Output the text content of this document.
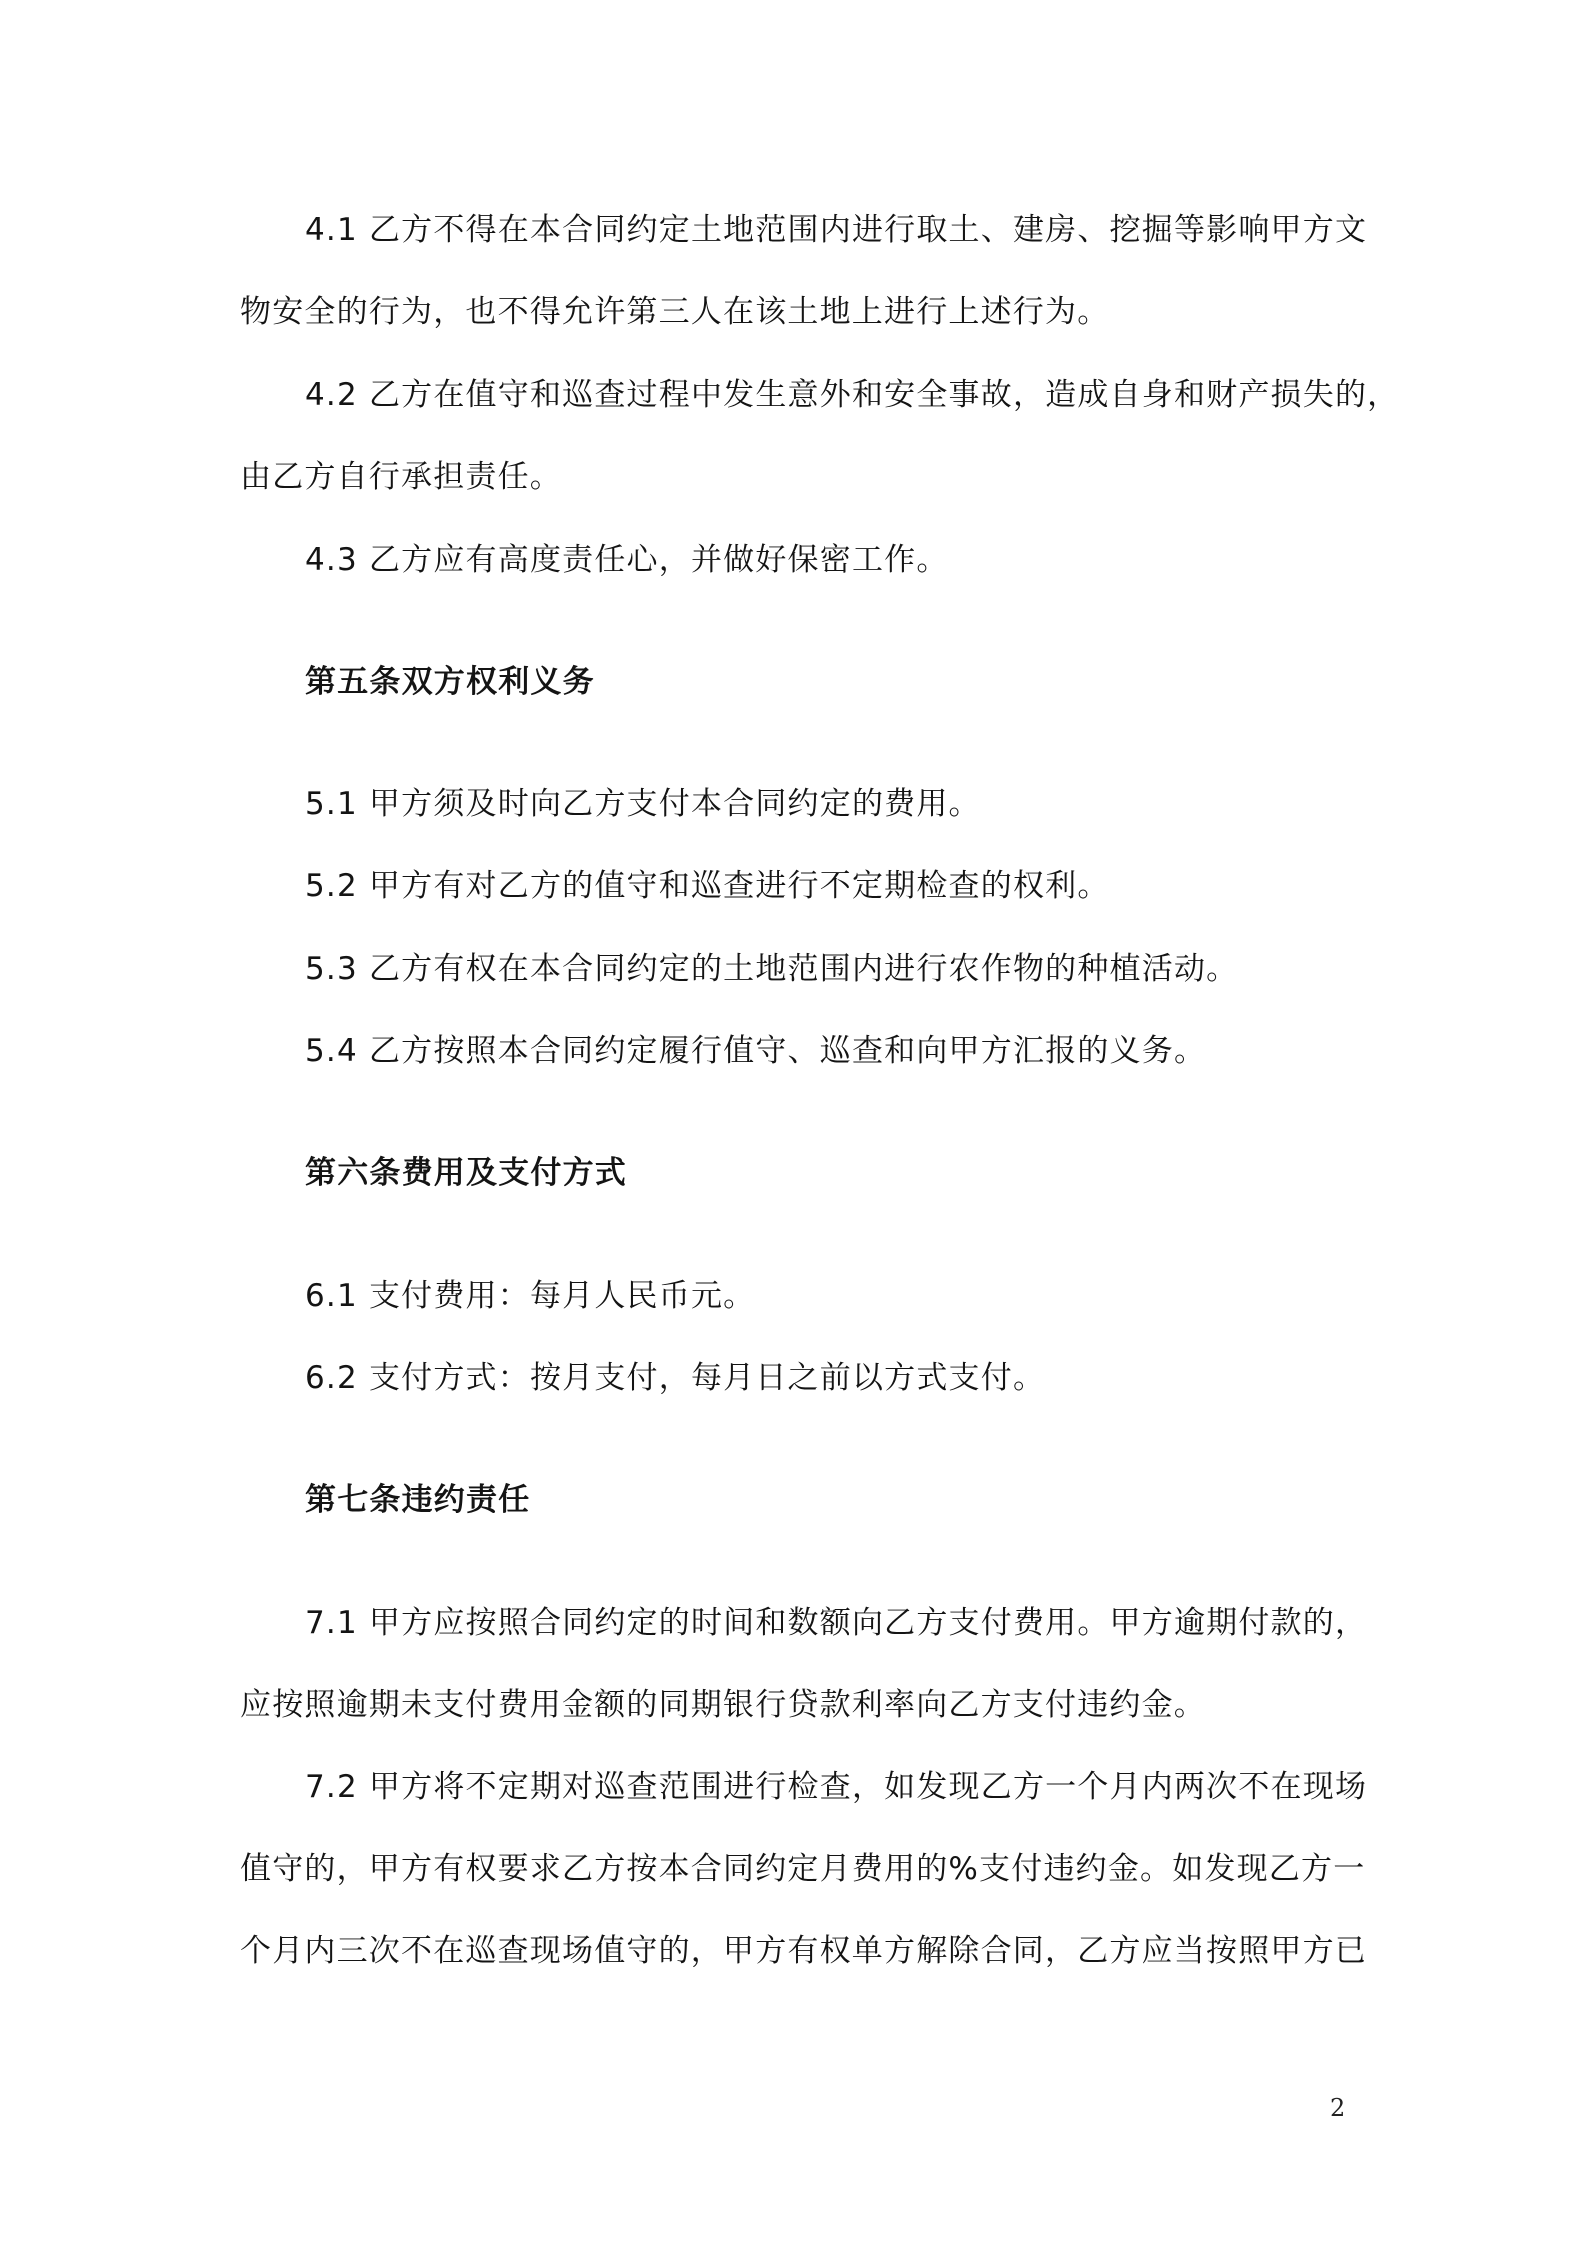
4.1 乙方不得在本合同约定土地范围内进行取土、建房、挖掘等影响甲方文
物安全的行为，也不得允许第三人在该土地上进行上述行为。
4.2 乙方在值守和巡查过程中发生意外和安全事故，造成自身和财产损失的，
由乙方自行承担责任。
4.3 乙方应有高度责任心，并做好保密工作。
第五条双方权利义务
5.1 甲方须及时向乙方支付本合同约定的费用。
5.2 甲方有对乙方的值守和巡查进行不定期检查的权利。
5.3 乙方有权在本合同约定的土地范围内进行农作物的种植活动。
5.4 乙方按照本合同约定履行值守、巡查和向甲方汇报的义务。
第六条费用及支付方式
6.1 支付费用：每月人民币元。
6.2 支付方式：按月支付，每月日之前以方式支付。
第七条违约责任
7.1 甲方应按照合同约定的时间和数额向乙方支付费用。甲方逾期付款的，
应按照逾期未支付费用金额的同期银行贷款利率向乙方支付违约金。
7.2 甲方将不定期对巡查范围进行检查，如发现乙方一个月内两次不在现场
值守的，甲方有权要求乙方按本合同约定月费用的%支付违约金。如发现乙方一
个月内三次不在巡查现场值守的，甲方有权单方解除合同，乙方应当按照甲方已
2
